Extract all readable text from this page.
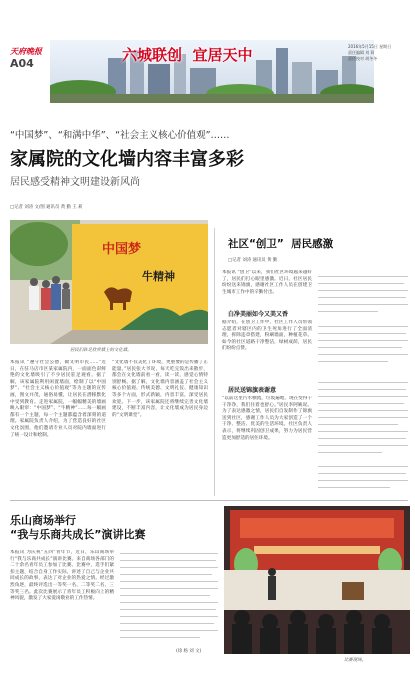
天府晚报
A04	六城联创  宜居天中	2016年5月15日 星期日
责任编辑 刘 莉
责任校对 胡冬冬
“中国梦”、“和满中华”、“社会主义核心价值观”……
家属院的文化墙内容丰富多彩
居民感受精神文明建设新风尚
□记者 刘涛 文/图 通讯员 黄 勤 王 莉
中国梦
牛精神
居民们驻足欣赏墙上的文化墙。
本报讯 “遵守社会公德，做文明市民……”近日，在驻马店市区某家属院内，一面面色彩鲜艳的文化墙吸引了不少居民驻足观看。据了解，该家属院利用闲置墙面，绘制了以“中国梦”、“社会主义核心价值观”等为主题的宣传画，图文并茂，通俗易懂，让居民在潜移默化中受到教育。走进家属院，一幅幅精美的墙画映入眼帘：“中国梦”、“牛精神”……每一幅画都有一个主题，每一个主题都蕴含着深刻的道理。家属院负责人介绍，为了营造良好的社区文化氛围，他们邀请专业人员对院内墙面进行了统一设计和绘制。
“文化墙不仅美化了环境，更重要的是传播了正能量。”居民张大爷说，每天吃完饭出来散步，都会在文化墙前看一看，读一读，感觉心情特别舒畅。据了解，文化墙内容涵盖了社会主义核心价值观、传统美德、文明礼仪、健康知识等多个方面，形式新颖，内容丰富，深受居民欢迎。下一步，该家属院还将继续完善文化墙建设，不断丰富内容，让文化墙成为居民身边的“文明课堂”。
社区“创卫”  居民感激
□记者 刘涛 通讯员 黄 勤
本报讯 “创卫”以来，我们社区环境越来越好了，居民们打心眼里感激。近日，社区居民纷纷送来锦旗，感谢社区工作人员在创建卫生城市工作中的辛勤付出。
白净美丽如今又美又香
据介绍，在创卫工作中，社区工作人员带领志愿者对辖区内的卫生死角进行了全面清理，拆除违章搭建，粉刷墙面，种植花草。如今的社区道路干净整洁，绿树成荫，居民们纷纷点赞。
居民送锦旗表谢意
“以前这里污水横流，垃圾遍地，现在变得干干净净，我们住着也舒心。”居民李阿姨说。为了表达感激之情，居民们自发制作了锦旗送到社区，感谢工作人员为大家创造了一个干净、整洁、优美的生活环境。社区负责人表示，将继续巩固创卫成果，努力为居民营造更加舒适的居住环境。
乐山商场举行
“我与乐商共成长”演讲比赛
本报讯 为庆祝“五四”青年节，近日，乐山商场举行“我与乐商共成长”演讲比赛。来自商场各部门的二十余名青年员工参加了比赛。比赛中，选手们紧扣主题，结合自身工作实际，讲述了自己与企业共同成长的故事，表达了对企业的热爱之情。经过激烈角逐，最终评选出一等奖一名、二等奖二名、三等奖三名。此次比赛展示了青年员工积极向上的精神风貌，激发了大家爱岗敬业的工作热情。
(徐 杨 刘 文)
比赛现场。
